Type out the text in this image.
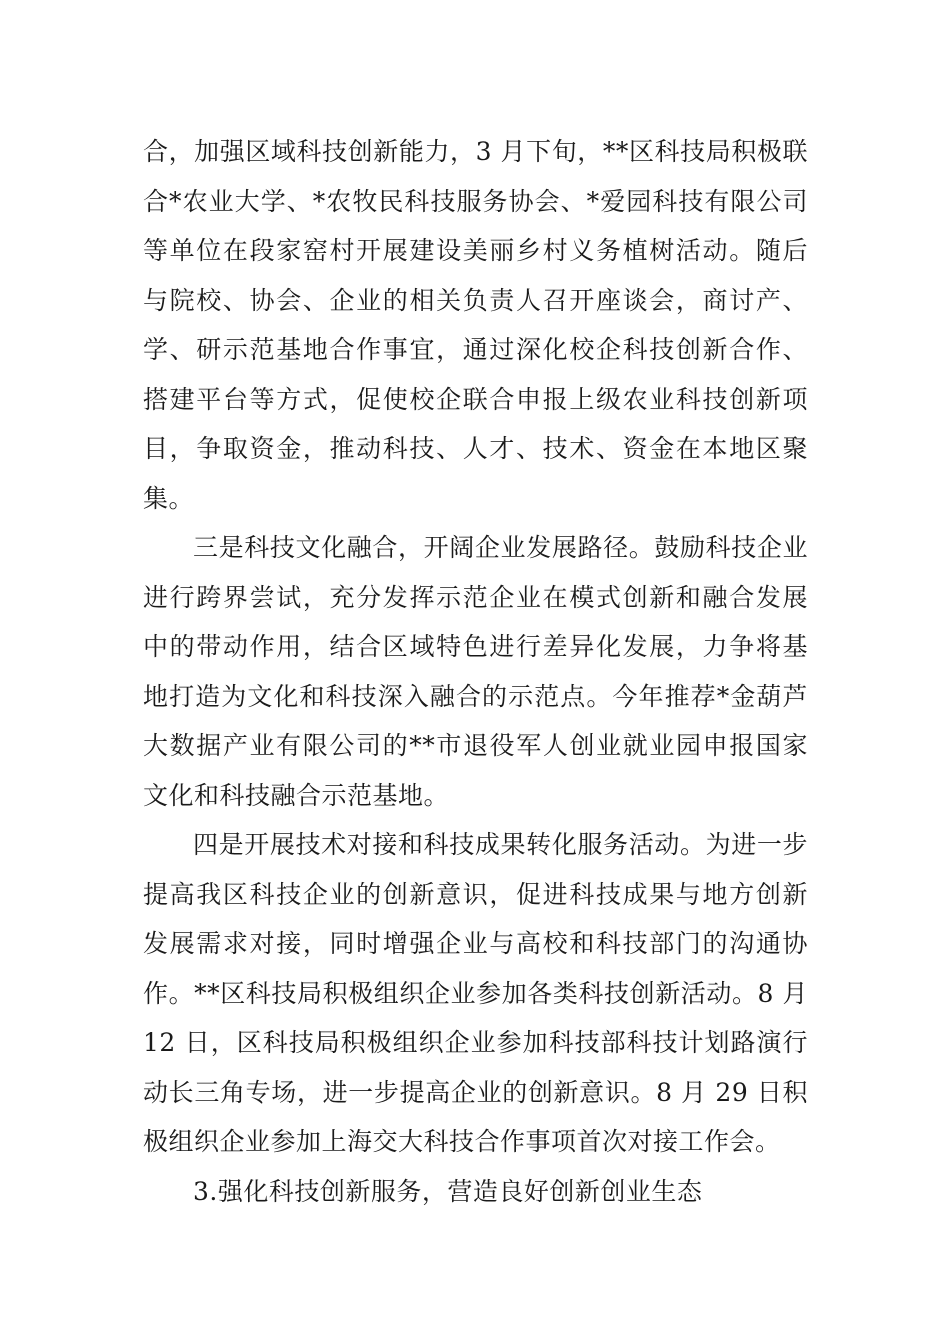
合，加强区域科技创新能力，3 月下旬，**区科技局积极联
合*农业大学、*农牧民科技服务协会、*爱园科技有限公司
等单位在段家窑村开展建设美丽乡村义务植树活动。随后
与院校、协会、企业的相关负责人召开座谈会，商讨产、
学、研示范基地合作事宜，通过深化校企科技创新合作、
搭建平台等方式，促使校企联合申报上级农业科技创新项
目，争取资金，推动科技、人才、技术、资金在本地区聚
集。
三是科技文化融合，开阔企业发展路径。鼓励科技企业
进行跨界尝试，充分发挥示范企业在模式创新和融合发展
中的带动作用，结合区域特色进行差异化发展，力争将基
地打造为文化和科技深入融合的示范点。今年推荐*金葫芦
大数据产业有限公司的**市退役军人创业就业园申报国家
文化和科技融合示范基地。
四是开展技术对接和科技成果转化服务活动。为进一步
提高我区科技企业的创新意识，促进科技成果与地方创新
发展需求对接，同时增强企业与高校和科技部门的沟通协
作。**区科技局积极组织企业参加各类科技创新活动。8 月
12 日，区科技局积极组织企业参加科技部科技计划路演行
动长三角专场，进一步提高企业的创新意识。8 月 29 日积
极组织企业参加上海交大科技合作事项首次对接工作会。
3.强化科技创新服务，营造良好创新创业生态
